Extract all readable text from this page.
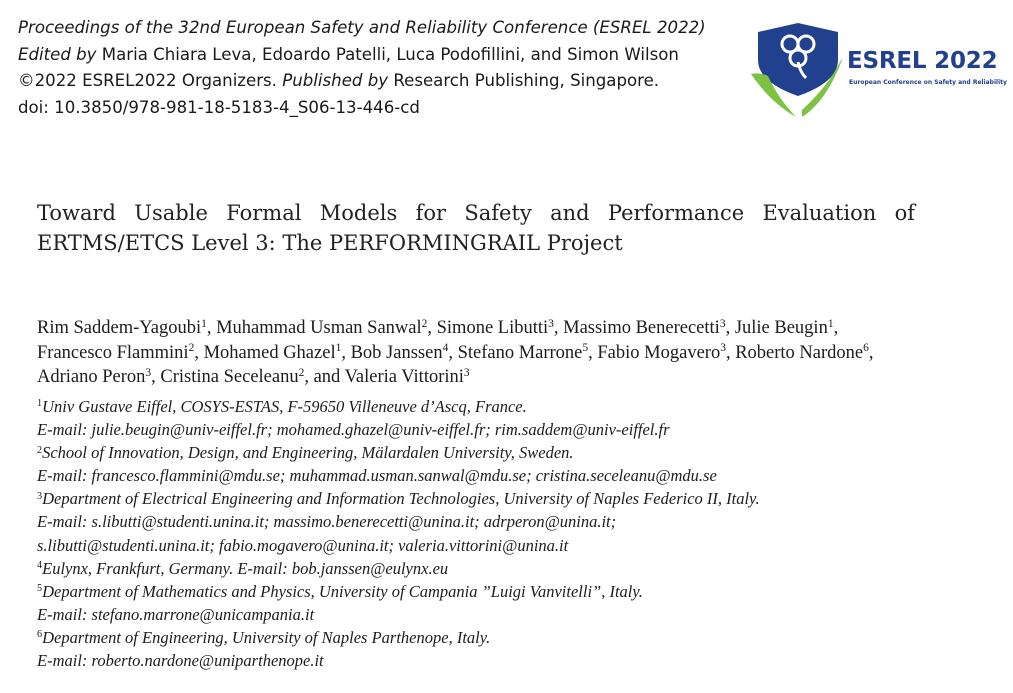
Proceedings of the 32nd European Safety and Reliability Conference (ESREL 2022)
Edited by Maria Chiara Leva, Edoardo Patelli, Luca Podofillini, and Simon Wilson
©2022 ESREL2022 Organizers. Published by Research Publishing, Singapore.
doi: 10.3850/978-981-18-5183-4_S06-13-446-cd
ESREL 2022
European Conference on Safety and Reliability
Toward Usable Formal Models for Safety and Performance Evaluation of
ERTMS/ETCS Level 3: The PERFORMINGRAIL Project
Rim Saddem-Yagoubi$^1$, Muhammad Usman Sanwal$^2$, Simone Libutti$^3$, Massimo Benerecetti$^3$, Julie Beugin$^1$, Francesco Flammini$^2$, Mohamed Ghazel$^1$, Bob Janssen$^4$, Stefano Marrone$^5$, Fabio Mogavero$^3$, Roberto Nardone$^6$, Adriano Peron$^3$, Cristina Seceleanu$^2$, and Valeria Vittorini$^3$
$^1$Univ Gustave Eiffel, COSYS-ESTAS, F-59650 Villeneuve d’Ascq, France.
E-mail: julie.beugin@univ-eiffel.fr; mohamed.ghazel@univ-eiffel.fr; rim.saddem@univ-eiffel.fr
$^2$School of Innovation, Design, and Engineering, Mälardalen University, Sweden.
E-mail: francesco.flammini@mdu.se; muhammad.usman.sanwal@mdu.se; cristina.seceleanu@mdu.se
$^3$Department of Electrical Engineering and Information Technologies, University of Naples Federico II, Italy.
E-mail: s.libutti@studenti.unina.it; massimo.benerecetti@unina.it; adrperon@unina.it;
s.libutti@studenti.unina.it; fabio.mogavero@unina.it; valeria.vittorini@unina.it
$^4$Eulynx, Frankfurt, Germany. E-mail: bob.janssen@eulynx.eu
$^5$Department of Mathematics and Physics, University of Campania ”Luigi Vanvitelli”, Italy.
E-mail: stefano.marrone@unicampania.it
$^6$Department of Engineering, University of Naples Parthenope, Italy.
E-mail: roberto.nardone@uniparthenope.it
